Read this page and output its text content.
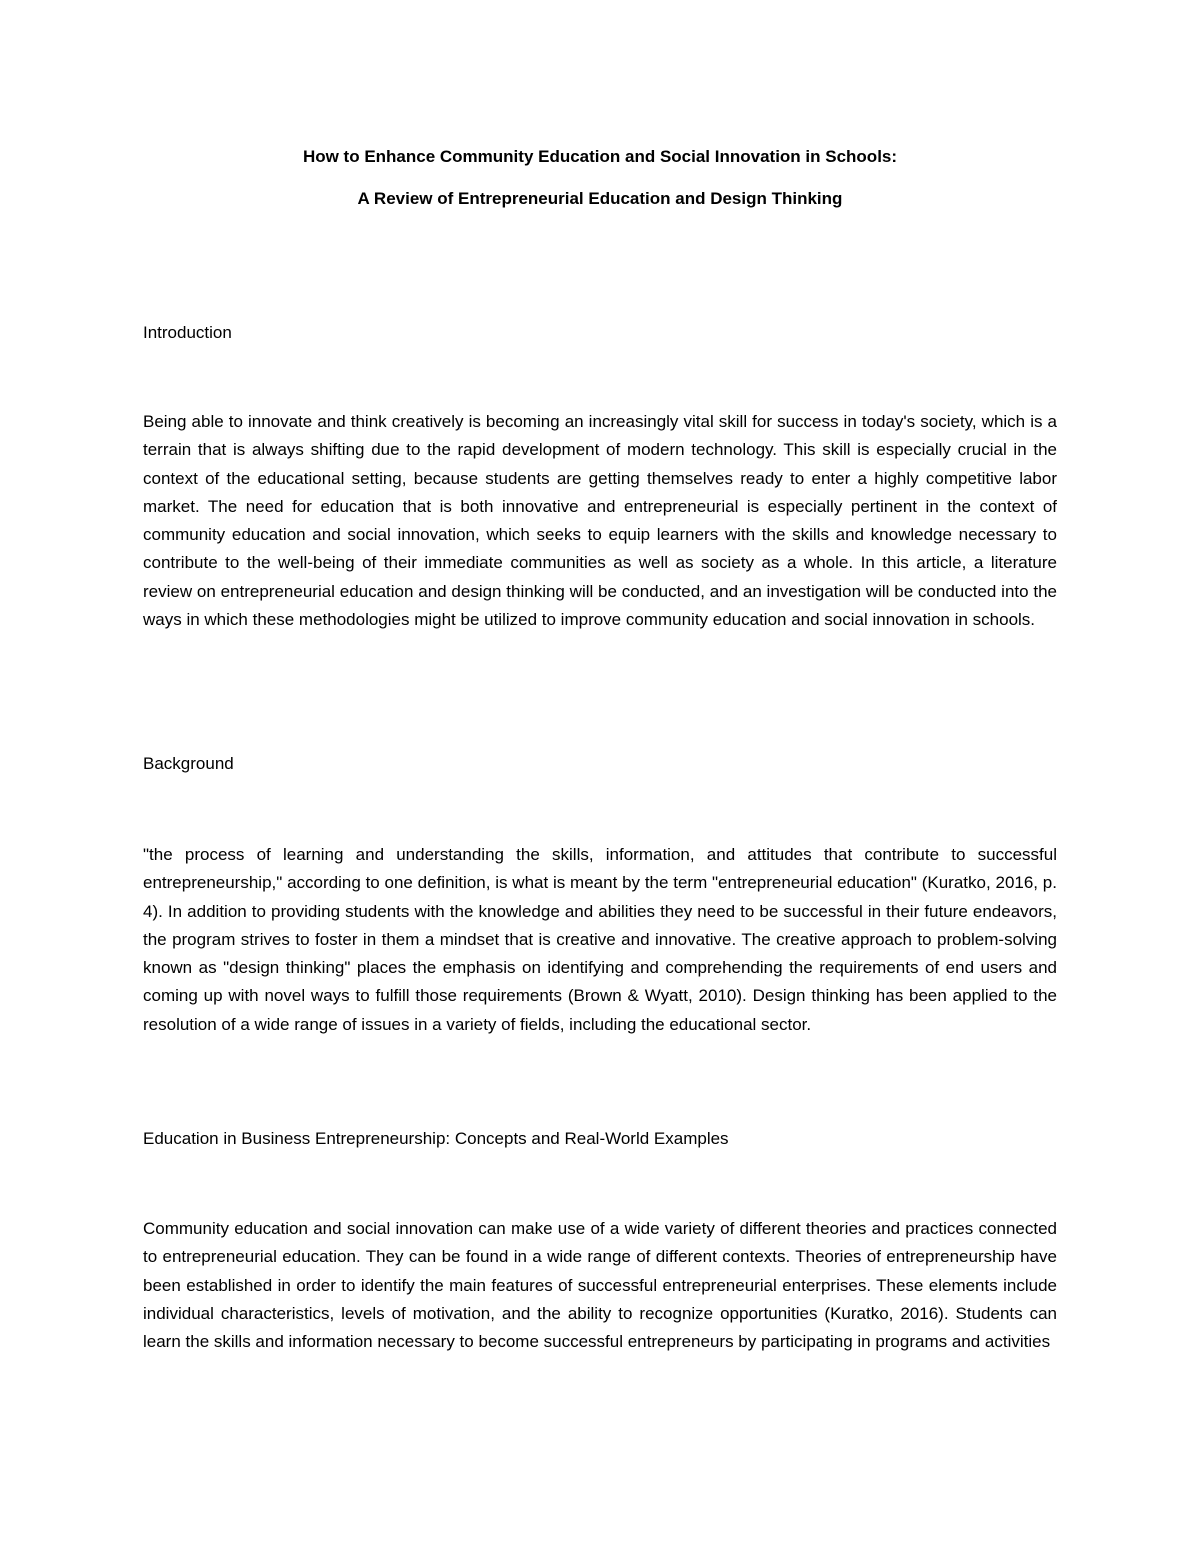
How to Enhance Community Education and Social Innovation in Schools:
A Review of Entrepreneurial Education and Design Thinking
Introduction

Being able to innovate and think creatively is becoming an increasingly vital skill for success in today's society, which is a terrain that is always shifting due to the rapid development of modern technology. This skill is especially crucial in the context of the educational setting, because students are getting themselves ready to enter a highly competitive labor market. The need for education that is both innovative and entrepreneurial is especially pertinent in the context of community education and social innovation, which seeks to equip learners with the skills and knowledge necessary to contribute to the well-being of their immediate communities as well as society as a whole. In this article, a literature review on entrepreneurial education and design thinking will be conducted, and an investigation will be conducted into the ways in which these methodologies might be utilized to improve community education and social innovation in schools.

Background

"the process of learning and understanding the skills, information, and attitudes that contribute to successful entrepreneurship," according to one definition, is what is meant by the term "entrepreneurial education" (Kuratko, 2016, p. 4). In addition to providing students with the knowledge and abilities they need to be successful in their future endeavors, the program strives to foster in them a mindset that is creative and innovative. The creative approach to problem-solving known as "design thinking" places the emphasis on identifying and comprehending the requirements of end users and coming up with novel ways to fulfill those requirements (Brown & Wyatt, 2010). Design thinking has been applied to the resolution of a wide range of issues in a variety of fields, including the educational sector.

Education in Business Entrepreneurship: Concepts and Real-World Examples

Community education and social innovation can make use of a wide variety of different theories and practices connected to entrepreneurial education. They can be found in a wide range of different contexts. Theories of entrepreneurship have been established in order to identify the main features of successful entrepreneurial enterprises. These elements include individual characteristics, levels of motivation, and the ability to recognize opportunities (Kuratko, 2016). Students can learn the skills and information necessary to become successful entrepreneurs by participating in programs and activities
